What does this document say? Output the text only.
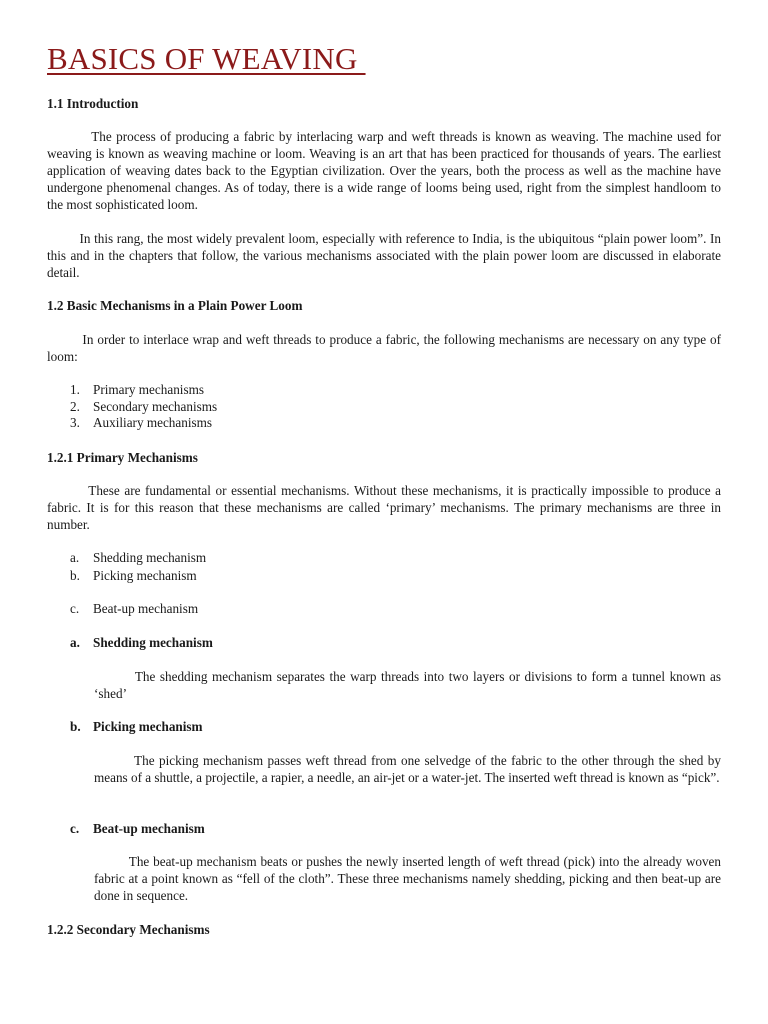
BASICS OF WEAVING
1.1 Introduction

The process of producing a fabric by interlacing warp and weft threads is known as weaving. The machine used for weaving is known as weaving machine or loom. Weaving is an art that has been practiced for thousands of years. The earliest application of weaving dates back to the Egyptian civilization. Over the years, both the process as well as the machine have undergone phenomenal changes. As of today, there is a wide range of looms being used, right from the simplest handloom to the most sophisticated loom.

In this rang, the most widely prevalent loom, especially with reference to India, is the ubiquitous “plain power loom”. In this and in the chapters that follow, the various mechanisms associated with the plain power loom are discussed in elaborate detail.

1.2 Basic Mechanisms in a Plain Power Loom

In order to interlace wrap and weft threads to produce a fabric, the following mechanisms are necessary on any type of loom:

1. Primary mechanisms
2. Secondary mechanisms
3. Auxiliary mechanisms
1.2.1 Primary Mechanisms

These are fundamental or essential mechanisms. Without these mechanisms, it is practically impossible to produce a fabric. It is for this reason that these mechanisms are called ‘primary’ mechanisms. The primary mechanisms are three in number.

a. Shedding mechanism
b. Picking mechanism
c. Beat-up mechanism
a. Shedding mechanism

The shedding mechanism separates the warp threads into two layers or divisions to form a tunnel known as ‘shed’

b. Picking mechanism

The picking mechanism passes weft thread from one selvedge of the fabric to the other through the shed by means of a shuttle, a projectile, a rapier, a needle, an air-jet or a water-jet. The inserted weft thread is known as “pick”.

c. Beat-up mechanism

The beat-up mechanism beats or pushes the newly inserted length of weft thread (pick) into the already woven fabric at a point known as “fell of the cloth”. These three mechanisms namely shedding, picking and then beat-up are done in sequence.

1.2.2 Secondary Mechanisms
